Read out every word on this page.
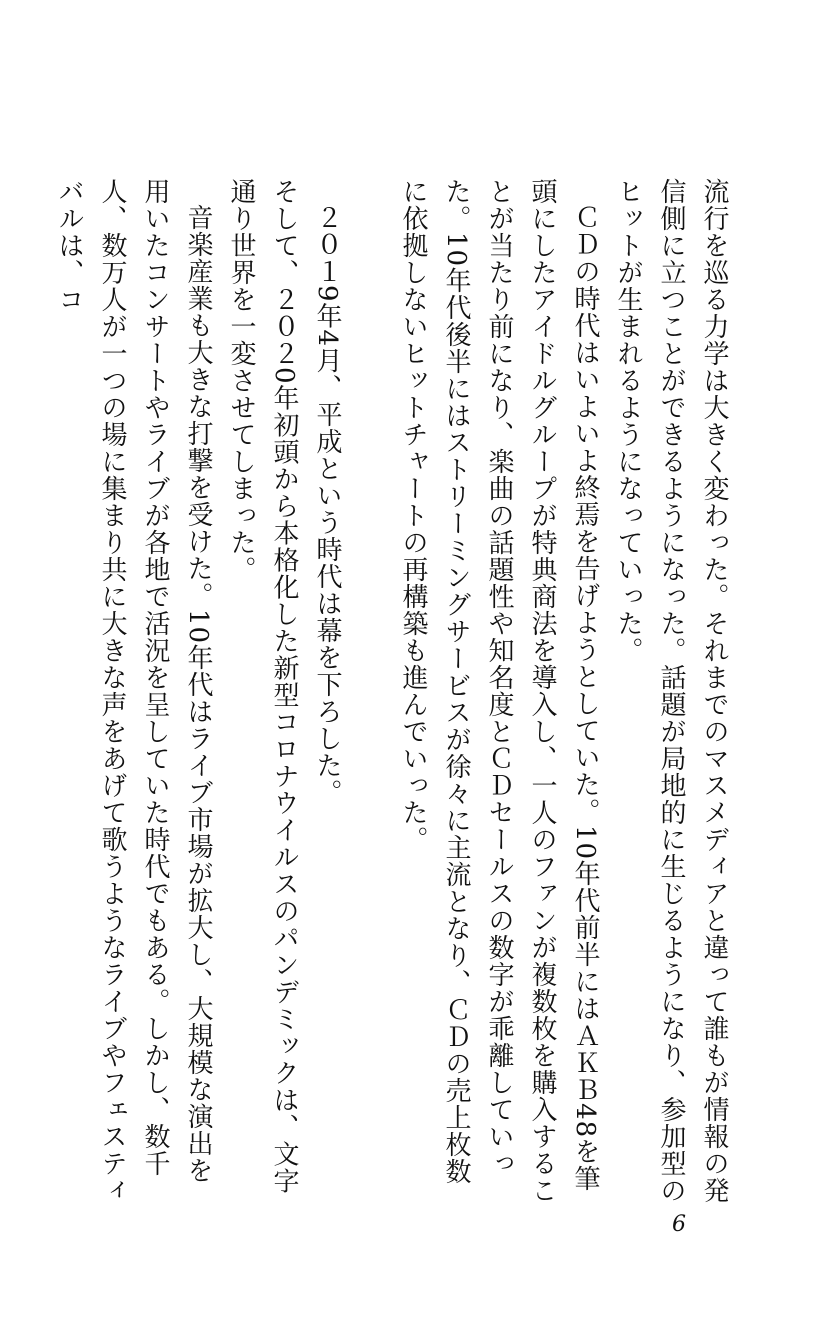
流行を巡る力学は大きく変わった。それまでのマスメディアと違って誰もが情報の発信側に立つことができるようになった。話題が局地的に生じるようになり、参加型のヒットが生まれるようになっていった。

ＣＤの時代はいよいよ終焉を告げようとしていた。10年代前半にはＡＫＢ48を筆頭にしたアイドルグループが特典商法を導入し、一人のファンが複数枚を購入することが当たり前になり、楽曲の話題性や知名度とＣＤセールスの数字が乖離していった。10年代後半にはストリーミングサービスが徐々に主流となり、ＣＤの売上枚数に依拠しないヒットチャートの再構築も進んでいった。

２０１9年4月、平成という時代は幕を下ろした。

そして、２０２0年初頭から本格化した新型コロナウイルスのパンデミックは、文字通り世界を一変させてしまった。

音楽産業も大きな打撃を受けた。10年代はライブ市場が拡大し、大規模な演出を用いたコンサートやライブが各地で活況を呈していた時代でもある。しかし、数千人、数万人が一つの場に集まり共に大きな声をあげて歌うようなライブやフェスティバルは、コ

6
